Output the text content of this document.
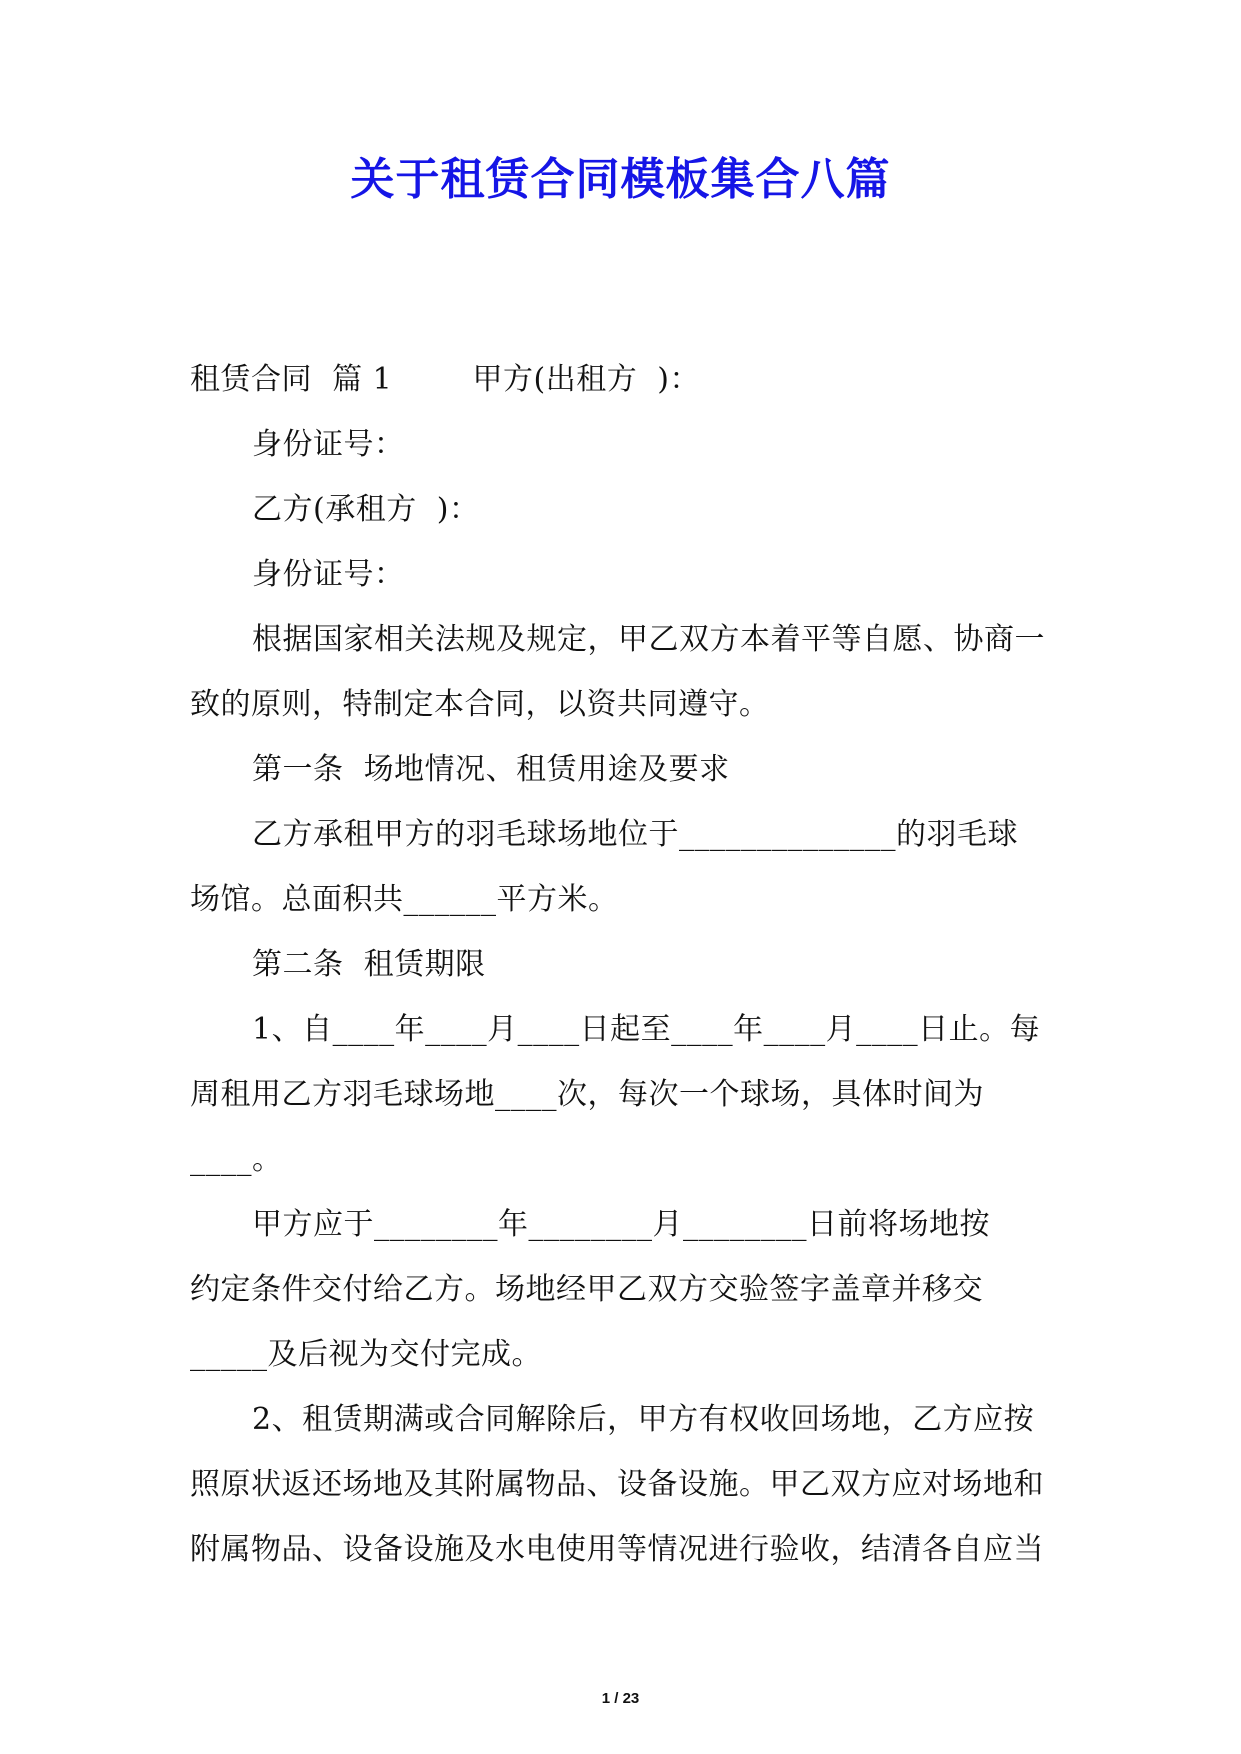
关于租赁合同模板集合八篇
租赁合同  篇 1        甲方(出租方  )：
身份证号：
乙方(承租方  )：
身份证号：
根据国家相关法规及规定，甲乙双方本着平等自愿、协商一
致的原则，特制定本合同，以资共同遵守。
第一条  场地情况、租赁用途及要求
乙方承租甲方的羽毛球场地位于______________的羽毛球
场馆。总面积共______平方米。
第二条  租赁期限
1、自____年____月____日起至____年____月____日止。每
周租用乙方羽毛球场地____次，每次一个球场，具体时间为
____。
甲方应于________年________月________日前将场地按
约定条件交付给乙方。场地经甲乙双方交验签字盖章并移交
_____及后视为交付完成。
2、租赁期满或合同解除后，甲方有权收回场地，乙方应按
照原状返还场地及其附属物品、设备设施。甲乙双方应对场地和
附属物品、设备设施及水电使用等情况进行验收，结清各自应当
1 / 23
